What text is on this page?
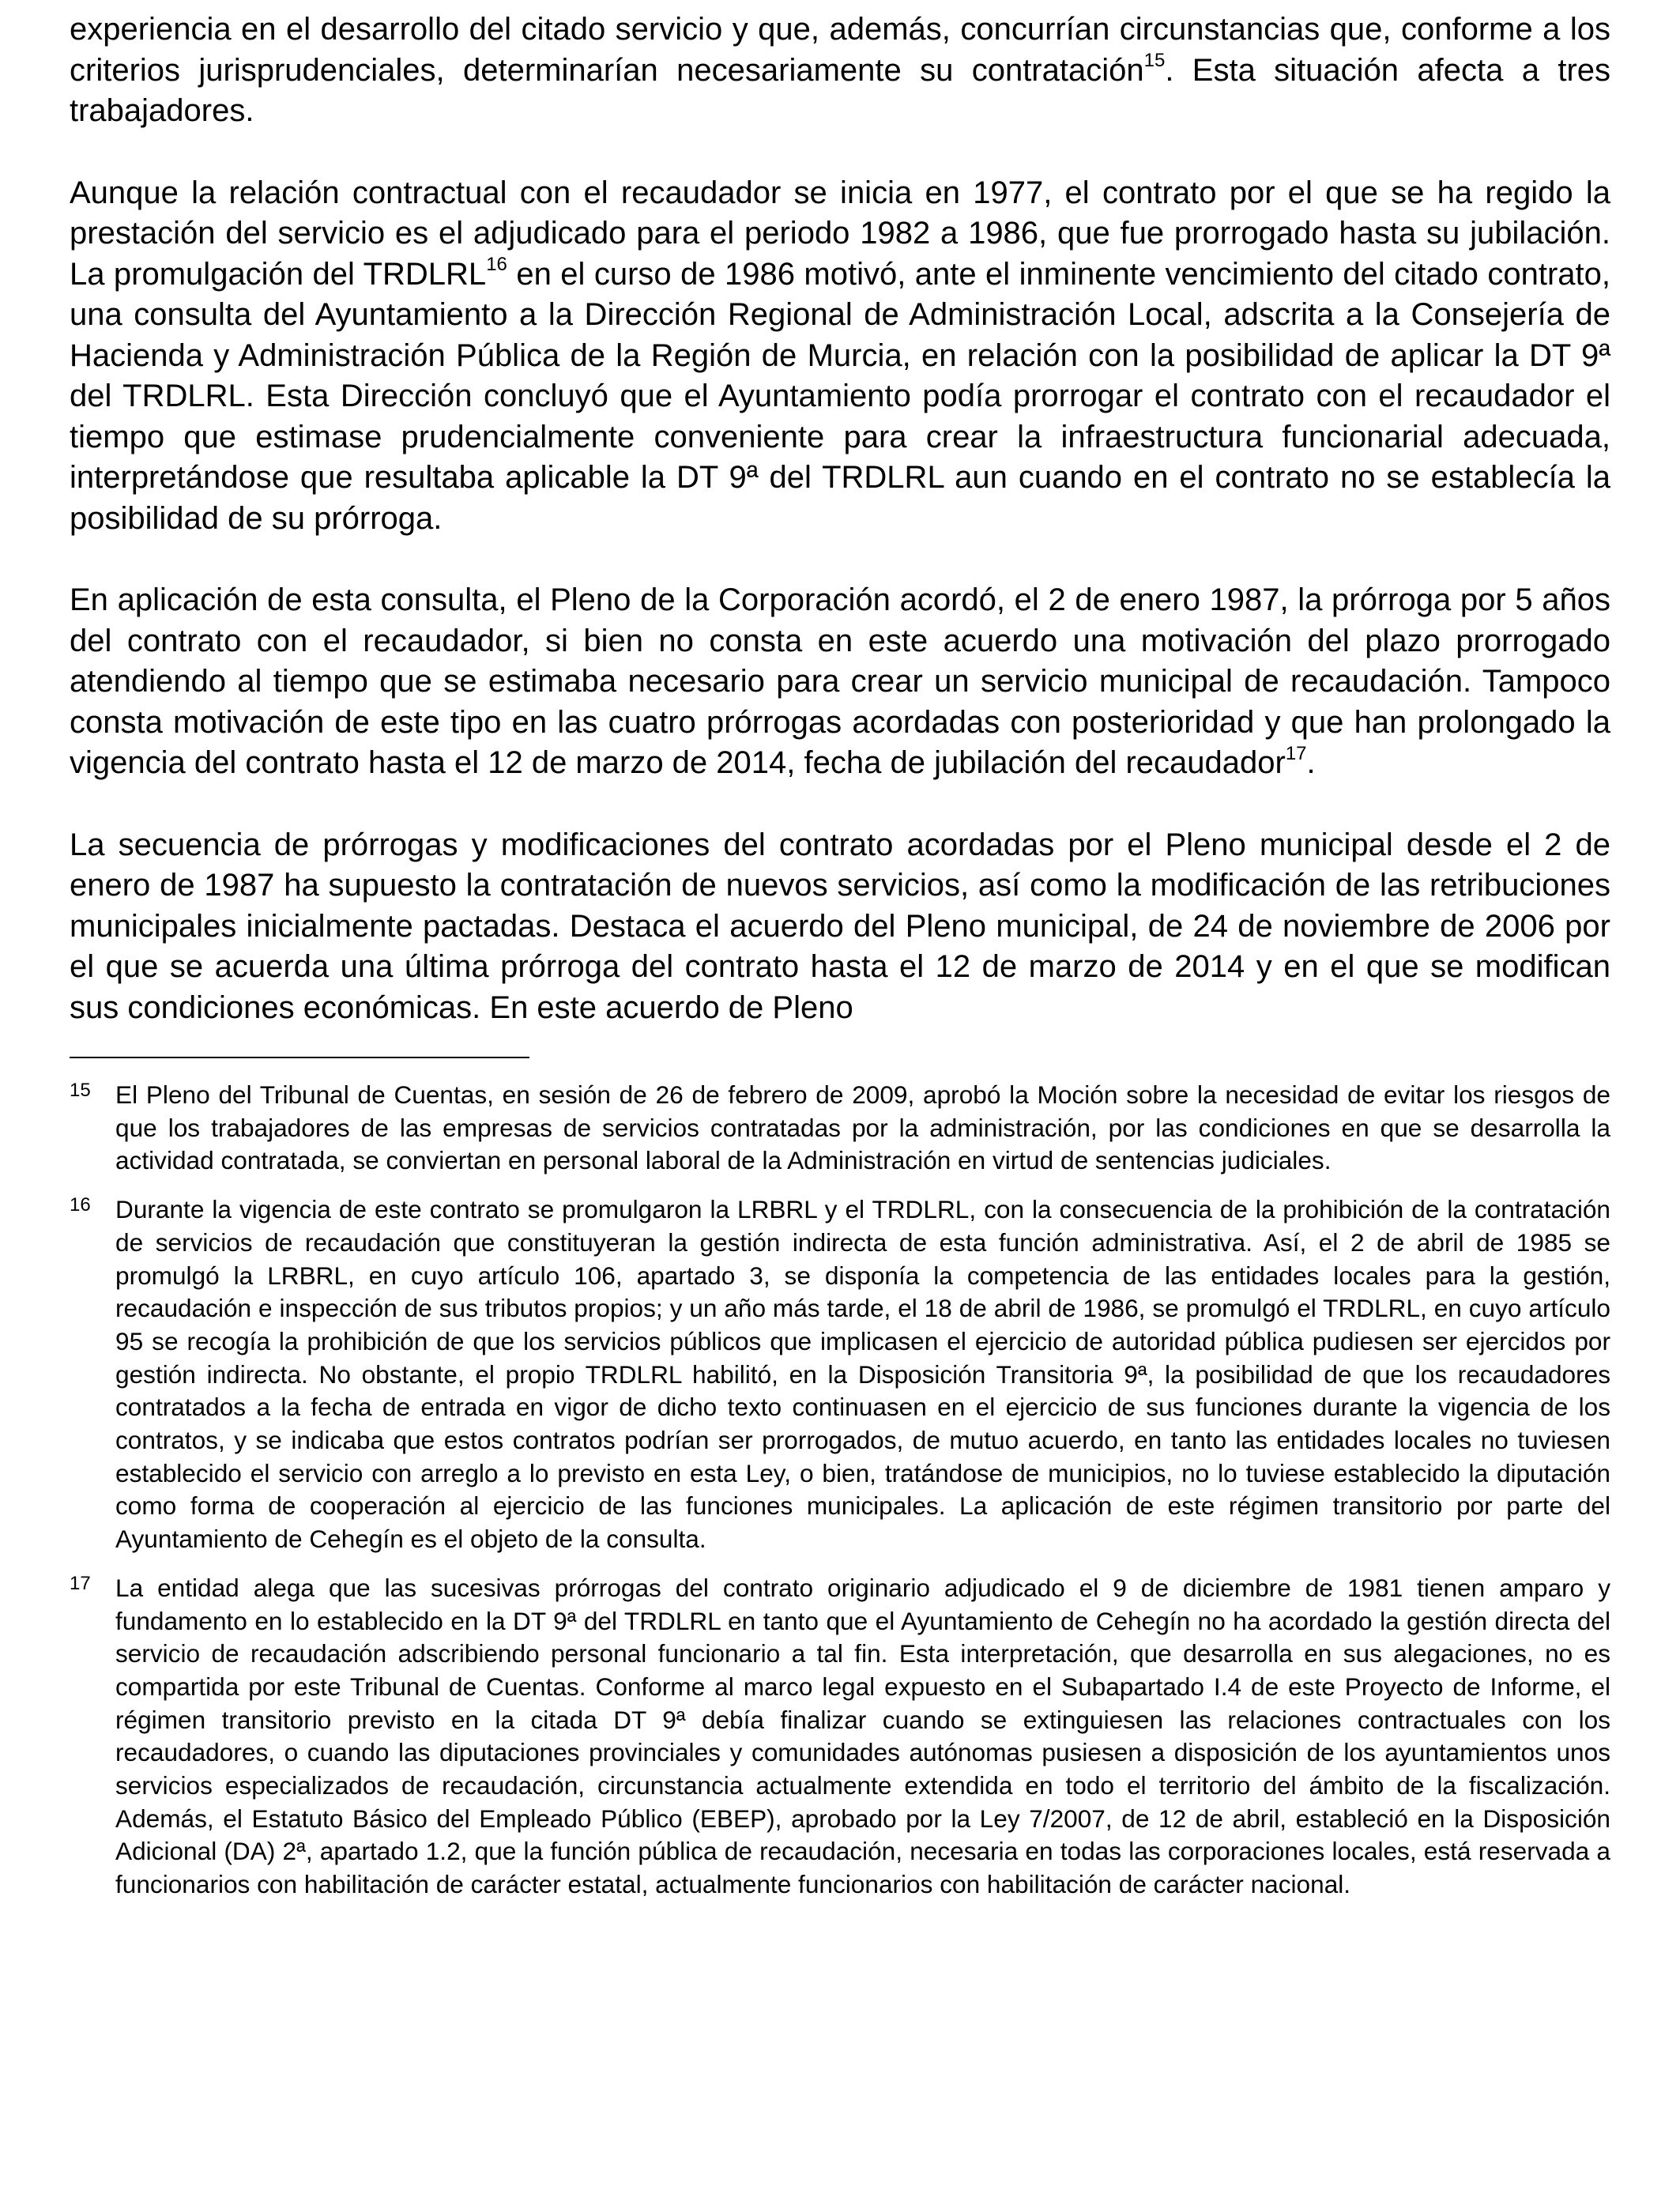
experiencia en el desarrollo del citado servicio y que, además, concurrían circunstancias que, conforme a los criterios jurisprudenciales, determinarían necesariamente su contratación$^{15}$. Esta situación afecta a tres trabajadores.

Aunque la relación contractual con el recaudador se inicia en 1977, el contrato por el que se ha regido la prestación del servicio es el adjudicado para el periodo 1982 a 1986, que fue prorrogado hasta su jubilación. La promulgación del TRDLRL$^{16}$ en el curso de 1986 motivó, ante el inminente vencimiento del citado contrato, una consulta del Ayuntamiento a la Dirección Regional de Administración Local, adscrita a la Consejería de Hacienda y Administración Pública de la Región de Murcia, en relación con la posibilidad de aplicar la DT 9ª del TRDLRL. Esta Dirección concluyó que el Ayuntamiento podía prorrogar el contrato con el recaudador el tiempo que estimase prudencialmente conveniente para crear la infraestructura funcionarial adecuada, interpretándose que resultaba aplicable la DT 9ª del TRDLRL aun cuando en el contrato no se establecía la posibilidad de su prórroga.

En aplicación de esta consulta, el Pleno de la Corporación acordó, el 2 de enero 1987, la prórroga por 5 años del contrato con el recaudador, si bien no consta en este acuerdo una motivación del plazo prorrogado atendiendo al tiempo que se estimaba necesario para crear un servicio municipal de recaudación. Tampoco consta motivación de este tipo en las cuatro prórrogas acordadas con posterioridad y que han prolongado la vigencia del contrato hasta el 12 de marzo de 2014, fecha de jubilación del recaudador$^{17}$.

La secuencia de prórrogas y modificaciones del contrato acordadas por el Pleno municipal desde el 2 de enero de 1987 ha supuesto la contratación de nuevos servicios, así como la modificación de las retribuciones municipales inicialmente pactadas. Destaca el acuerdo del Pleno municipal, de 24 de noviembre de 2006 por el que se acuerda una última prórroga del contrato hasta el 12 de marzo de 2014 y en el que se modifican sus condiciones económicas. En este acuerdo de Pleno

15 El Pleno del Tribunal de Cuentas, en sesión de 26 de febrero de 2009, aprobó la Moción sobre la necesidad de evitar los riesgos de que los trabajadores de las empresas de servicios contratadas por la administración, por las condiciones en que se desarrolla la actividad contratada, se conviertan en personal laboral de la Administración en virtud de sentencias judiciales.
16 Durante la vigencia de este contrato se promulgaron la LRBRL y el TRDLRL, con la consecuencia de la prohibición de la contratación de servicios de recaudación que constituyeran la gestión indirecta de esta función administrativa. Así, el 2 de abril de 1985 se promulgó la LRBRL, en cuyo artículo 106, apartado 3, se disponía la competencia de las entidades locales para la gestión, recaudación e inspección de sus tributos propios; y un año más tarde, el 18 de abril de 1986, se promulgó el TRDLRL, en cuyo artículo 95 se recogía la prohibición de que los servicios públicos que implicasen el ejercicio de autoridad pública pudiesen ser ejercidos por gestión indirecta. No obstante, el propio TRDLRL habilitó, en la Disposición Transitoria 9ª, la posibilidad de que los recaudadores contratados a la fecha de entrada en vigor de dicho texto continuasen en el ejercicio de sus funciones durante la vigencia de los contratos, y se indicaba que estos contratos podrían ser prorrogados, de mutuo acuerdo, en tanto las entidades locales no tuviesen establecido el servicio con arreglo a lo previsto en esta Ley, o bien, tratándose de municipios, no lo tuviese establecido la diputación como forma de cooperación al ejercicio de las funciones municipales. La aplicación de este régimen transitorio por parte del Ayuntamiento de Cehegín es el objeto de la consulta.
17 La entidad alega que las sucesivas prórrogas del contrato originario adjudicado el 9 de diciembre de 1981 tienen amparo y fundamento en lo establecido en la DT 9ª del TRDLRL en tanto que el Ayuntamiento de Cehegín no ha acordado la gestión directa del servicio de recaudación adscribiendo personal funcionario a tal fin. Esta interpretación, que desarrolla en sus alegaciones, no es compartida por este Tribunal de Cuentas. Conforme al marco legal expuesto en el Subapartado I.4 de este Proyecto de Informe, el régimen transitorio previsto en la citada DT 9ª debía finalizar cuando se extinguiesen las relaciones contractuales con los recaudadores, o cuando las diputaciones provinciales y comunidades autónomas pusiesen a disposición de los ayuntamientos unos servicios especializados de recaudación, circunstancia actualmente extendida en todo el territorio del ámbito de la fiscalización. Además, el Estatuto Básico del Empleado Público (EBEP), aprobado por la Ley 7/2007, de 12 de abril, estableció en la Disposición Adicional (DA) 2ª, apartado 1.2, que la función pública de recaudación, necesaria en todas las corporaciones locales, está reservada a funcionarios con habilitación de carácter estatal, actualmente funcionarios con habilitación de carácter nacional.
